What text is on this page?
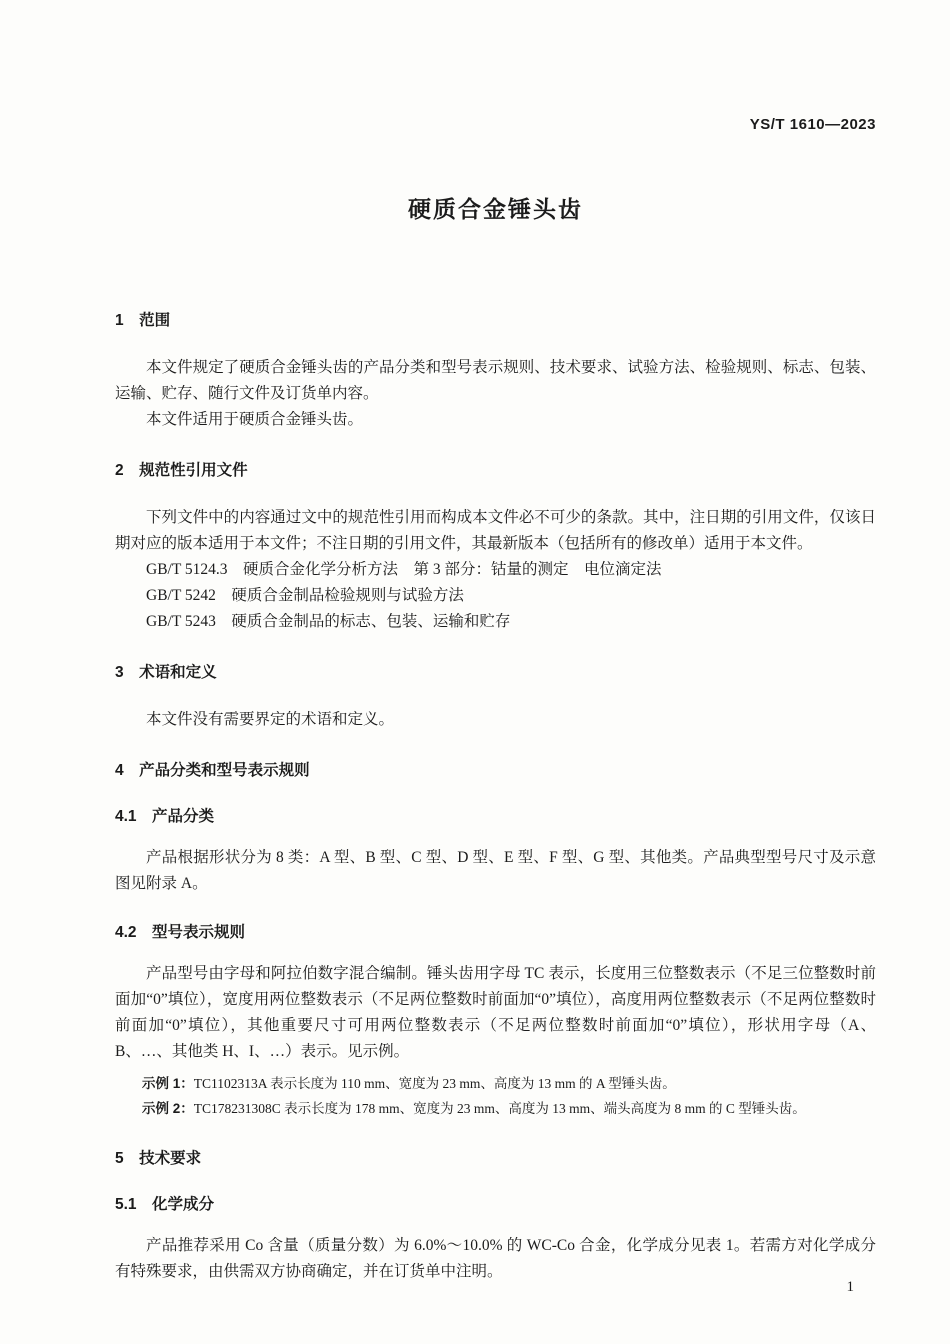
YS/T 1610—2023
硬质合金锤头齿
1　范围

本文件规定了硬质合金锤头齿的产品分类和型号表示规则、技术要求、试验方法、检验规则、标志、包装、运输、贮存、随行文件及订货单内容。

本文件适用于硬质合金锤头齿。

2　规范性引用文件

下列文件中的内容通过文中的规范性引用而构成本文件必不可少的条款。其中，注日期的引用文件，仅该日期对应的版本适用于本文件；不注日期的引用文件，其最新版本（包括所有的修改单）适用于本文件。

GB/T 5124.3　硬质合金化学分析方法　第 3 部分：钴量的测定　电位滴定法

GB/T 5242　硬质合金制品检验规则与试验方法

GB/T 5243　硬质合金制品的标志、包装、运输和贮存

3　术语和定义

本文件没有需要界定的术语和定义。

4　产品分类和型号表示规则
4.1　产品分类

产品根据形状分为 8 类：A 型、B 型、C 型、D 型、E 型、F 型、G 型、其他类。产品典型型号尺寸及示意图见附录 A。

4.2　型号表示规则

产品型号由字母和阿拉伯数字混合编制。锤头齿用字母 TC 表示，长度用三位整数表示（不足三位整数时前面加“0”填位），宽度用两位整数表示（不足两位整数时前面加“0”填位），高度用两位整数表示（不足两位整数时前面加“0”填位），其他重要尺寸可用两位整数表示（不足两位整数时前面加“0”填位），形状用字母（A、B、…、其他类 H、I、…）表示。见示例。

示例 1：TC1102313A 表示长度为 110 mm、宽度为 23 mm、高度为 13 mm 的 A 型锤头齿。

示例 2：TC178231308C 表示长度为 178 mm、宽度为 23 mm、高度为 13 mm、端头高度为 8 mm 的 C 型锤头齿。

5　技术要求
5.1　化学成分

产品推荐采用 Co 含量（质量分数）为 6.0%～10.0% 的 WC-Co 合金，化学成分见表 1。若需方对化学成分有特殊要求，由供需双方协商确定，并在订货单中注明。

1
